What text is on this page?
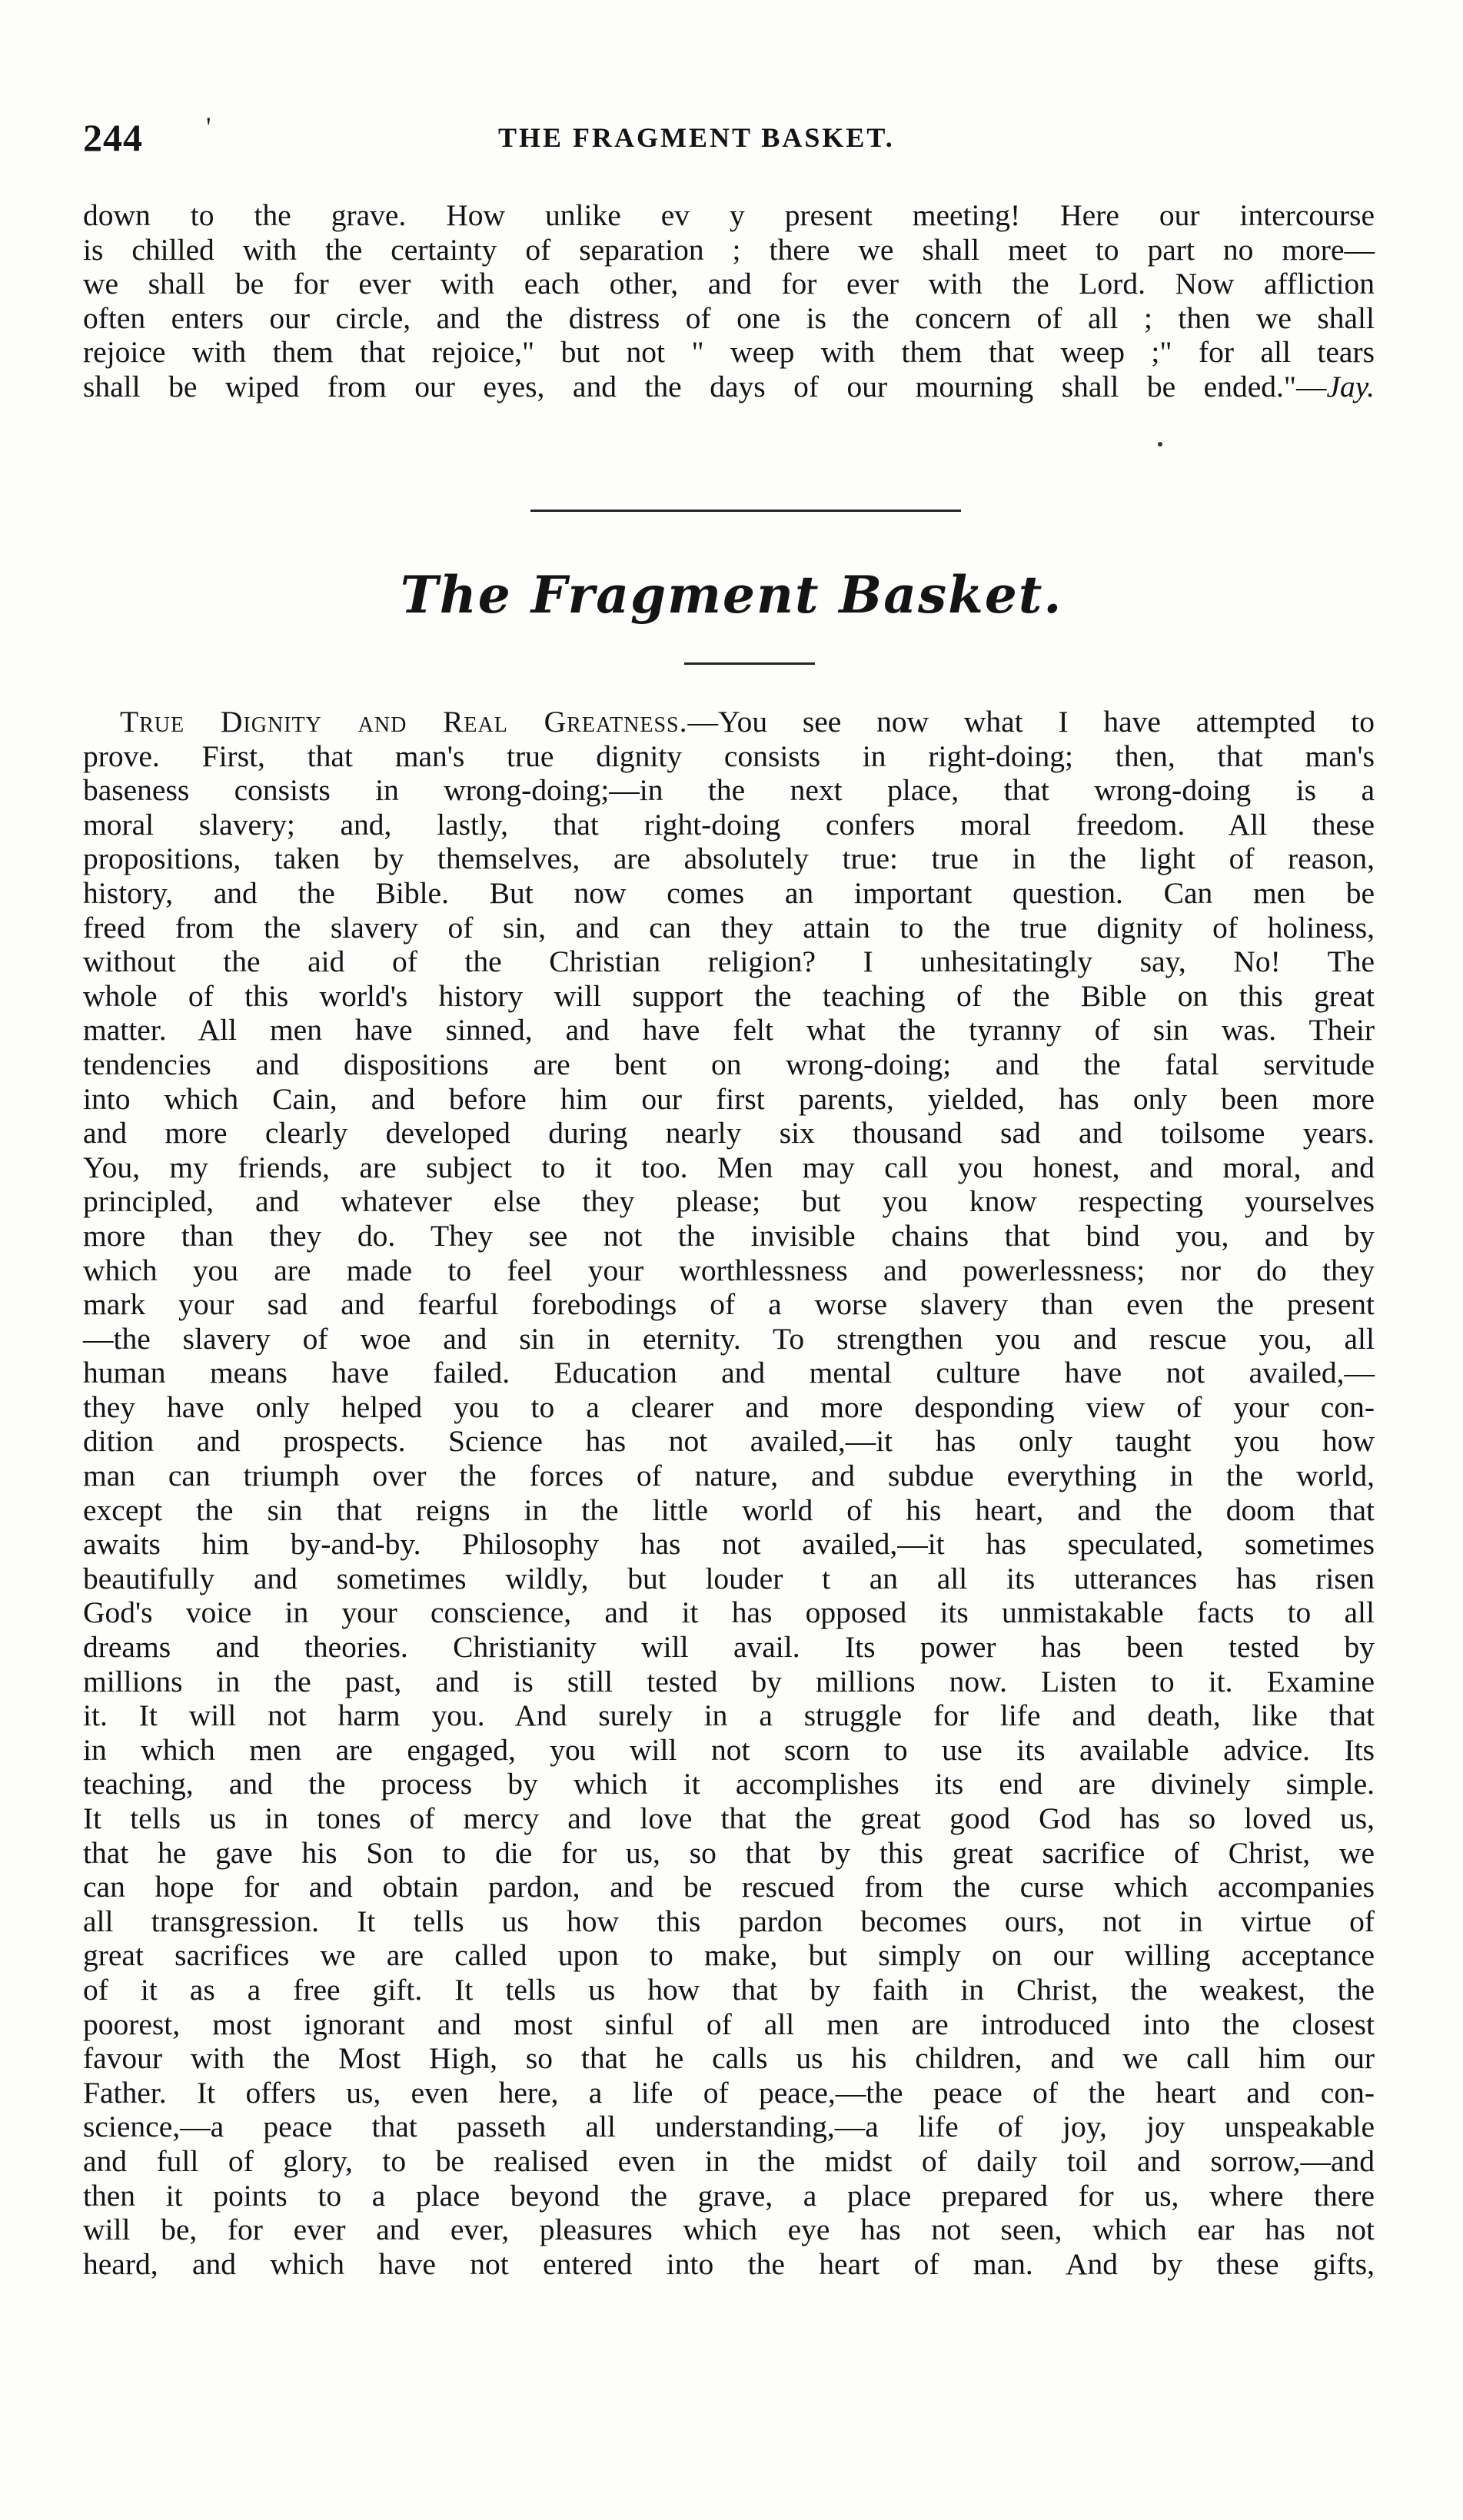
244 '	THE FRAGMENT BASKET.
down to the grave. How unlike ev y present meeting! Here our intercourse
is chilled with the certainty of separation ; there we shall meet to part no more—
we shall be for ever with each other, and for ever with the Lord. Now affliction
often enters our circle, and the distress of one is the concern of all ; then we shall
rejoice with them that rejoice," but not " weep with them that weep ;" for all tears
shall be wiped from our eyes, and the days of our mourning shall be ended."—Jay.
The Fragment Basket.
True Dignity and Real Greatness.—You see now what I have attempted to
prove. First, that man's true dignity consists in right-doing; then, that man's
baseness consists in wrong-doing;—in the next place, that wrong-doing is a
moral slavery; and, lastly, that right-doing confers moral freedom. All these
propositions, taken by themselves, are absolutely true: true in the light of reason,
history, and the Bible. But now comes an important question. Can men be
freed from the slavery of sin, and can they attain to the true dignity of holiness,
without the aid of the Christian religion? I unhesitatingly say, No! The
whole of this world's history will support the teaching of the Bible on this great
matter. All men have sinned, and have felt what the tyranny of sin was. Their
tendencies and dispositions are bent on wrong-doing; and the fatal servitude
into which Cain, and before him our first parents, yielded, has only been more
and more clearly developed during nearly six thousand sad and toilsome years.
You, my friends, are subject to it too. Men may call you honest, and moral, and
principled, and whatever else they please; but you know respecting yourselves
more than they do. They see not the invisible chains that bind you, and by
which you are made to feel your worthlessness and powerlessness; nor do they
mark your sad and fearful forebodings of a worse slavery than even the present
—the slavery of woe and sin in eternity. To strengthen you and rescue you, all
human means have failed. Education and mental culture have not availed,—
they have only helped you to a clearer and more desponding view of your con-
dition and prospects. Science has not availed,—it has only taught you how
man can triumph over the forces of nature, and subdue everything in the world,
except the sin that reigns in the little world of his heart, and the doom that
awaits him by-and-by. Philosophy has not availed,—it has speculated, sometimes
beautifully and sometimes wildly, but louder t an all its utterances has risen
God's voice in your conscience, and it has opposed its unmistakable facts to all
dreams and theories. Christianity will avail. Its power has been tested by
millions in the past, and is still tested by millions now. Listen to it. Examine
it. It will not harm you. And surely in a struggle for life and death, like that
in which men are engaged, you will not scorn to use its available advice. Its
teaching, and the process by which it accomplishes its end are divinely simple.
It tells us in tones of mercy and love that the great good God has so loved us,
that he gave his Son to die for us, so that by this great sacrifice of Christ, we
can hope for and obtain pardon, and be rescued from the curse which accompanies
all transgression. It tells us how this pardon becomes ours, not in virtue of
great sacrifices we are called upon to make, but simply on our willing acceptance
of it as a free gift. It tells us how that by faith in Christ, the weakest, the
poorest, most ignorant and most sinful of all men are introduced into the closest
favour with the Most High, so that he calls us his children, and we call him our
Father. It offers us, even here, a life of peace,—the peace of the heart and con-
science,—a peace that passeth all understanding,—a life of joy, joy unspeakable
and full of glory, to be realised even in the midst of daily toil and sorrow,—and
then it points to a place beyond the grave, a place prepared for us, where there
will be, for ever and ever, pleasures which eye has not seen, which ear has not
heard, and which have not entered into the heart of man. And by these gifts,
